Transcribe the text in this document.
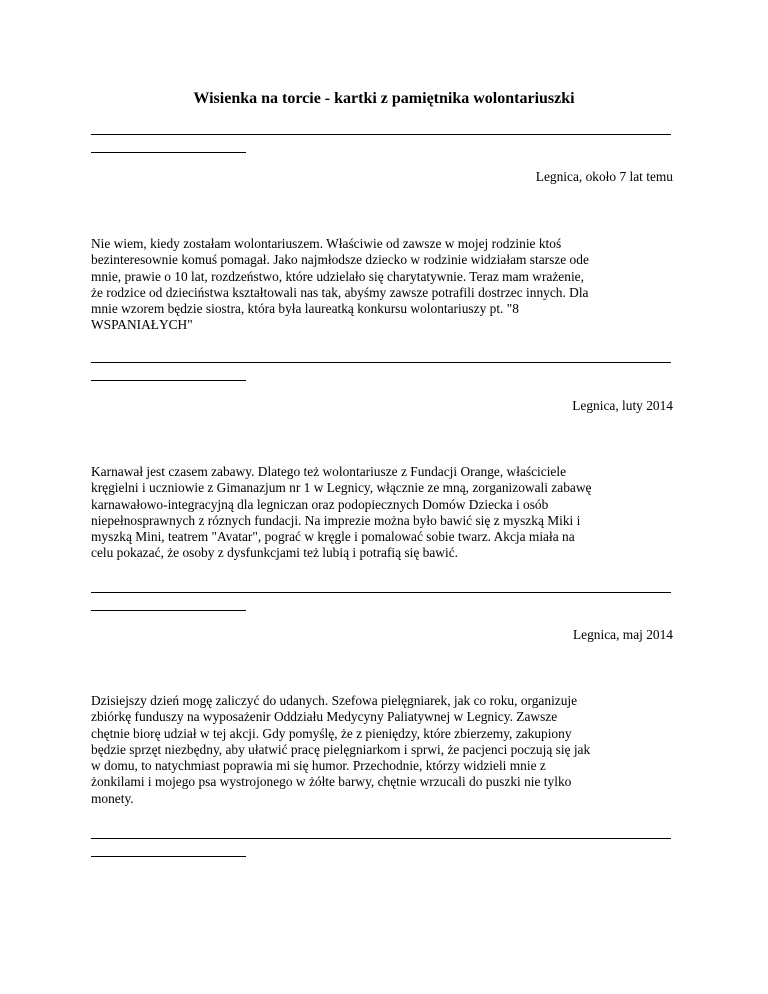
Wisienka na torcie - kartki z pamiętnika wolontariuszki
Legnica, około 7 lat temu
Nie wiem, kiedy zostałam wolontariuszem. Właściwie od zawsze w mojej rodzinie ktoś
bezinteresownie komuś pomagał. Jako najmłodsze dziecko w rodzinie widziałam starsze ode
mnie, prawie o 10 lat, rozdzeństwo, które udzielało się charytatywnie. Teraz mam wrażenie,
że rodzice od dzieciństwa kształtowali nas tak, abyśmy zawsze potrafili dostrzec innych. Dla
mnie wzorem będzie siostra, która była laureatką konkursu wolontariuszy pt. "8
WSPANIAŁYCH"
Legnica, luty 2014
Karnawał jest czasem zabawy. Dlatego też wolontariusze z Fundacji Orange, właściciele
kręgielni i uczniowie z Gimanazjum nr 1 w Legnicy, włącznie ze mną, zorganizowali zabawę
karnawałowo-integracyjną dla legniczan oraz podopiecznych Domów Dziecka i osób
niepełnosprawnych z róznych fundacji. Na imprezie można było bawić się z myszką Miki i
myszką Mini, teatrem "Avatar", pograć w kręgle i pomalować sobie twarz. Akcja miała na
celu pokazać, że osoby z dysfunkcjami też lubią i potrafią się bawić.
Legnica, maj 2014
Dzisiejszy dzień mogę zaliczyć do udanych. Szefowa pielęgniarek, jak co roku, organizuje
zbiórkę funduszy na wyposażenir Oddziału Medycyny Paliatywnej w Legnicy. Zawsze
chętnie biorę udział w tej akcji. Gdy pomyślę, że z pieniędzy, które zbierzemy, zakupiony
będzie sprzęt niezbędny, aby ułatwić pracę pielęgniarkom i sprwi, że pacjenci poczują się jak
w domu, to natychmiast poprawia mi się humor. Przechodnie, którzy widzieli mnie z
żonkilami i mojego psa wystrojonego w żółte barwy, chętnie wrzucali do puszki nie tylko
monety.
